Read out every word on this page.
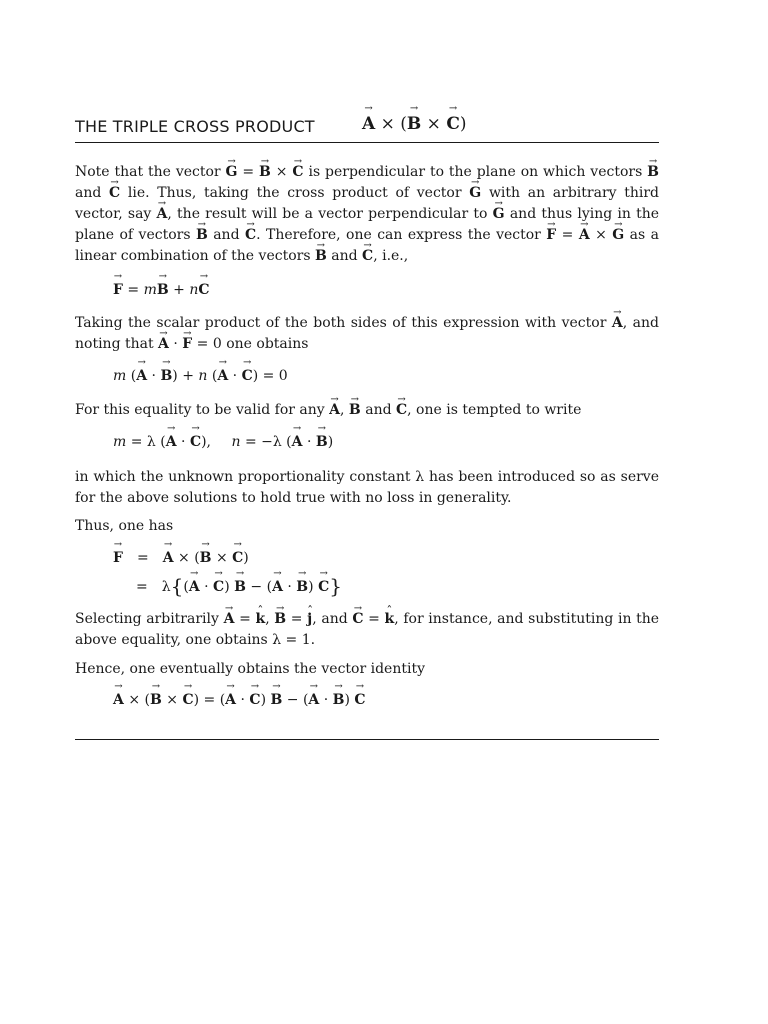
THE TRIPLE CROSS PRODUCT	→ A × (→ B × → C)
Note that the vector → G = → B × → C is perpendicular to the plane on which vectors → B and → C lie. Thus, taking the cross product of vector → G with an arbitrary third vector, say → A, the result will be a vector perpendicular to → G and thus lying in the plane of vectors → B and → C. Therefore, one can express the vector → F = → A × → G as a linear combination of the vectors → B and → C, i.e.,
→ F = m→ B + n→ C
Taking the scalar product of the both sides of this expression with vector → A, and noting that → A · → F = 0 one obtains
m (→ A · → B) + n (→ A · → C) = 0
For this equality to be valid for any → A, → B and → C, one is tempted to write
m = λ (→ A · → C), n = −λ (→ A · → B)
in which the unknown proportionality constant λ has been introduced so as serve for the above solutions to hold true with no loss in generality.
Thus, one has
→ F = → A × (→ B × → C)
= λ{(→ A · → C) → B − (→ A · → B) → C}
Selecting arbitrarily → A = ˆ k, → B = ˆ j, and → C = ˆ k, for instance, and substituting in the above equality, one obtains λ = 1.
Hence, one eventually obtains the vector identity
→ A × (→ B × → C) = (→ A · → C) → B − (→ A · → B) → C
